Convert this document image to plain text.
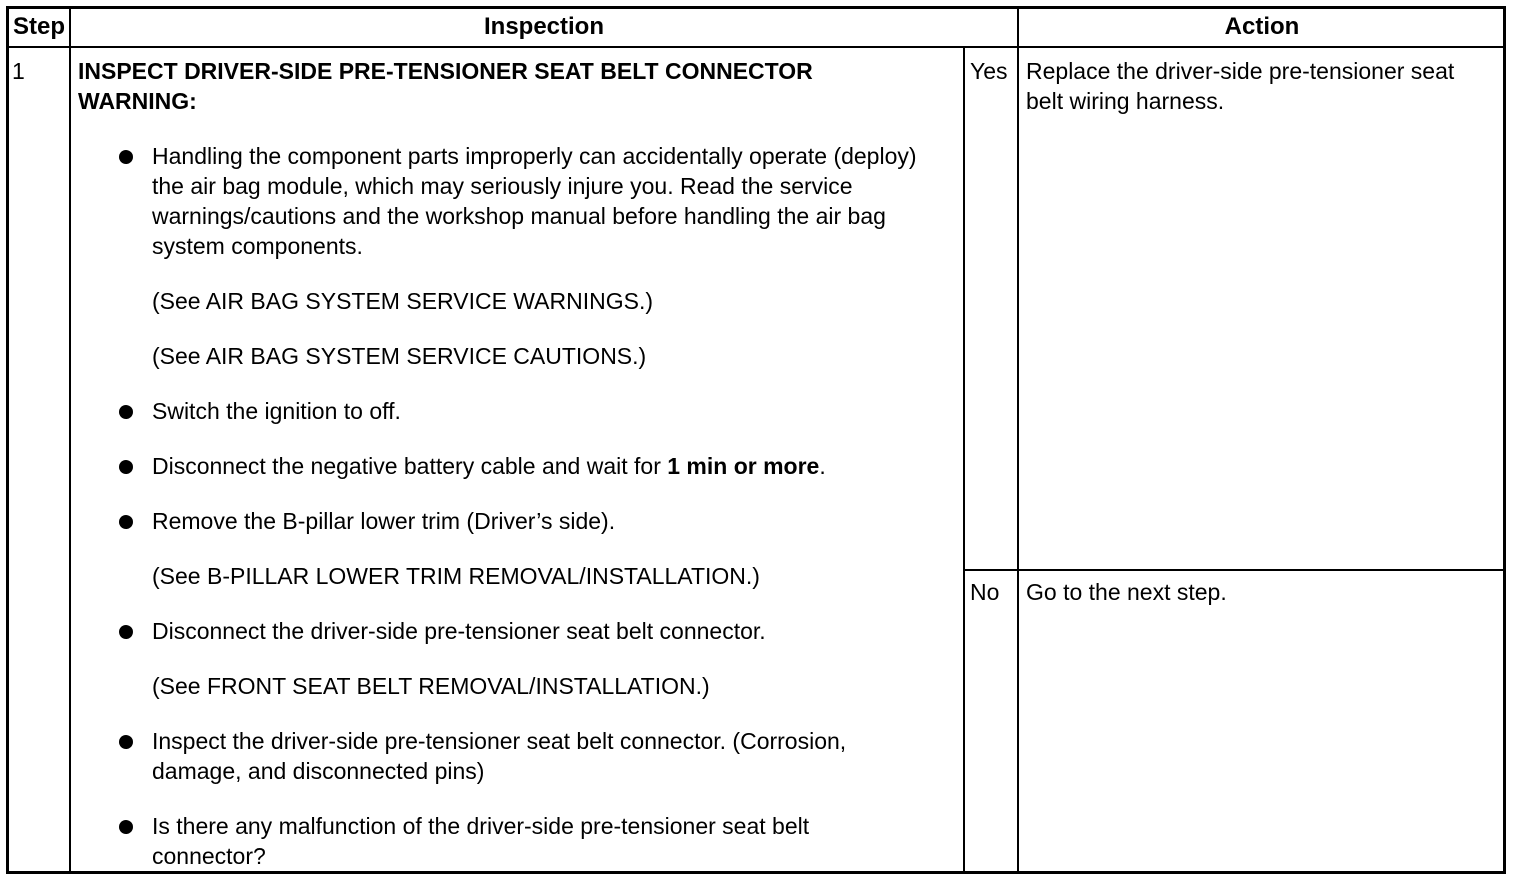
Step	Inspection	Action
1 INSPECT DRIVER-SIDE PRE-TENSIONER SEAT BELT CONNECTOR
WARNING:
Handling the component parts improperly can accidentally operate (deploy) the air bag module, which may seriously injure you. Read the service warnings/cautions and the workshop manual before handling the air bag system components.
(See AIR BAG SYSTEM SERVICE WARNINGS.)
(See AIR BAG SYSTEM SERVICE CAUTIONS.)
Switch the ignition to off.
Disconnect the negative battery cable and wait for 1 min or more.
Remove the B-pillar lower trim (Driver’s side).
(See B-PILLAR LOWER TRIM REMOVAL/INSTALLATION.)
Disconnect the driver-side pre-tensioner seat belt connector.
(See FRONT SEAT BELT REMOVAL/INSTALLATION.)
Inspect the driver-side pre-tensioner seat belt connector. (Corrosion, damage, and disconnected pins)
Is there any malfunction of the driver-side pre-tensioner seat belt connector?
Yes
No
Replace the driver-side pre-tensioner seat belt wiring harness.
Go to the next step.
